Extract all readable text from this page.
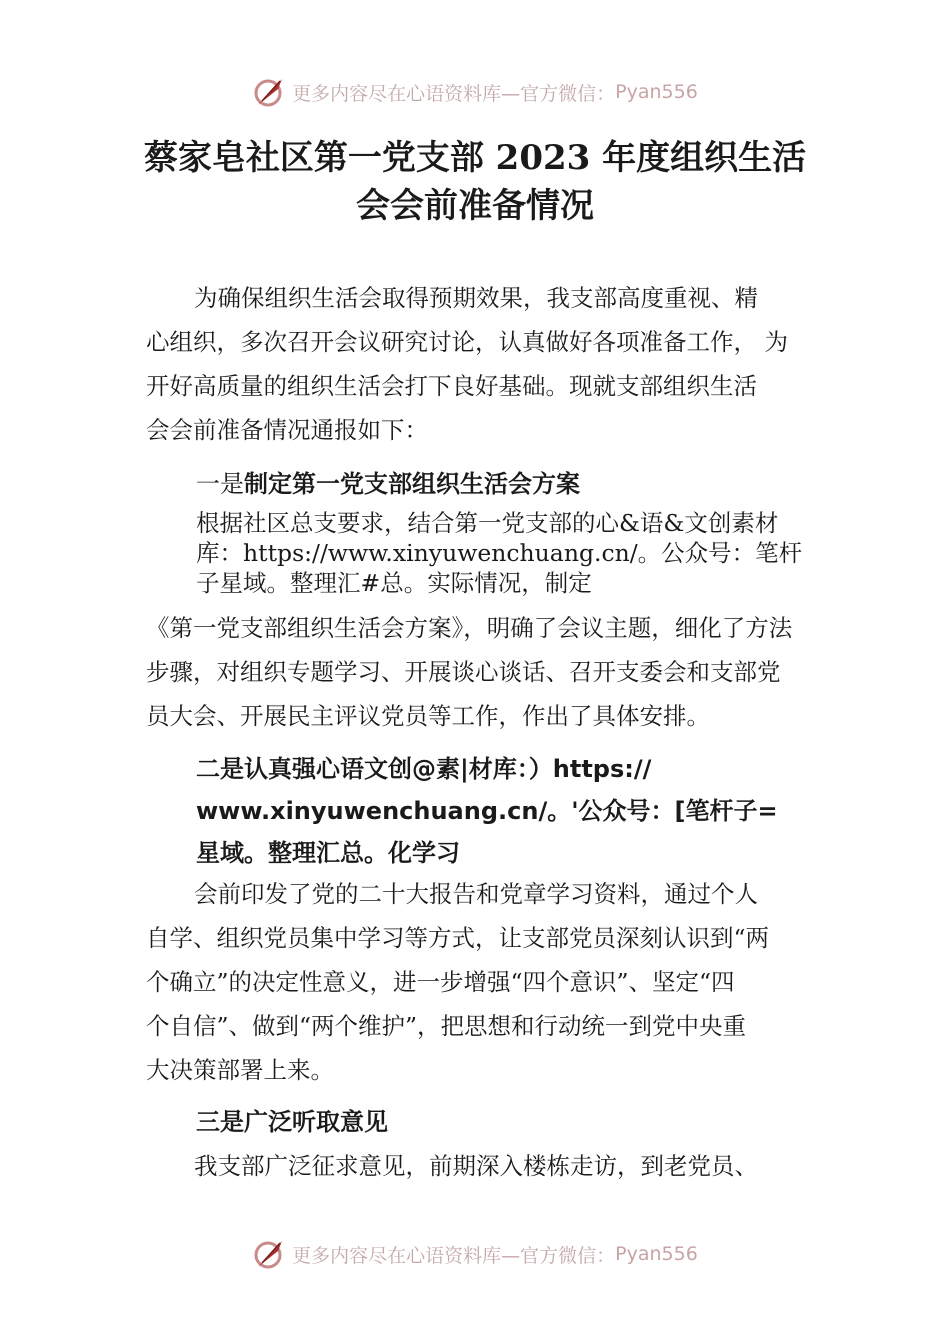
更多内容尽在心语资料库—官方微信： Pyan556
蔡家皂社区第一党支部 2023 年度组织生活
会会前准备情况
为确保组织生活会取得预期效果，我支部高度重视、精
心组织，多次召开会议研究讨论，认真做好各项准备工作， 为
开好高质量的组织生活会打下良好基础。现就支部组织生活
会会前准备情况通报如下：
一是制定第一党支部组织生活会方案
根据社区总支要求，结合第一党支部的心&语&文创素材
库：https://www.xinyuwenchuang.cn/。公众号：笔杆
子星域。整理汇#总。实际情况，制定
《第一党支部组织生活会方案》，明确了会议主题，细化了方法
步骤，对组织专题学习、开展谈心谈话、召开支委会和支部党
员大会、开展民主评议党员等工作，作出了具体安排。
二是认真强心语文创@素|材库：）https://
www.xinyuwenchuang.cn/。'公众号：[笔杆子=
星域。整理汇总。化学习
会前印发了党的二十大报告和党章学习资料，通过个人
自学、组织党员集中学习等方式，让支部党员深刻认识到“两
个确立”的决定性意义，进一步增强“四个意识”、坚定“四
个自信”、做到“两个维护”，把思想和行动统一到党中央重
大决策部署上来。
三是广泛听取意见
我支部广泛征求意见，前期深入楼栋走访，到老党员、
更多内容尽在心语资料库—官方微信： Pyan556
